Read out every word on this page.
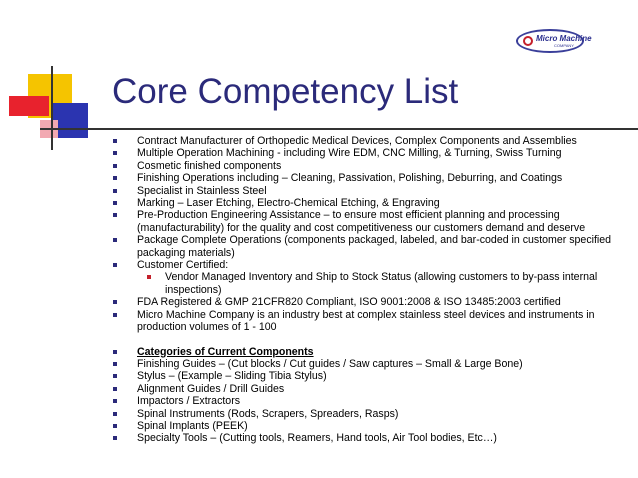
Micro Machine
COMPANY
Core Competency List
Contract Manufacturer of Orthopedic Medical Devices, Complex Components and Assemblies
Multiple Operation Machining - including Wire EDM, CNC Milling, & Turning, Swiss Turning
Cosmetic finished components
Finishing Operations including – Cleaning, Passivation, Polishing, Deburring, and Coatings
Specialist in Stainless Steel
Marking – Laser Etching, Electro-Chemical Etching, & Engraving
Pre-Production Engineering Assistance – to ensure most efficient planning and processing (manufacturability) for the quality and cost competitiveness our customers demand and deserve
Package Complete Operations (components packaged, labeled, and bar-coded in customer specified packaging materials)
Customer Certified:
Vendor Managed Inventory and Ship to Stock Status (allowing customers to by-pass internal inspections)
FDA Registered & GMP 21CFR820 Compliant, ISO 9001:2008 & ISO 13485:2003 certified
Micro Machine Company is an industry best at complex stainless steel devices and instruments in production volumes of 1 - 100
Categories of Current Components
Finishing Guides – (Cut blocks / Cut guides / Saw captures – Small & Large Bone)
Stylus – (Example – Sliding Tibia Stylus)
Alignment Guides / Drill Guides
Impactors / Extractors
Spinal Instruments (Rods, Scrapers, Spreaders, Rasps)
Spinal Implants (PEEK)
Specialty Tools – (Cutting tools, Reamers, Hand tools, Air Tool bodies, Etc…)
